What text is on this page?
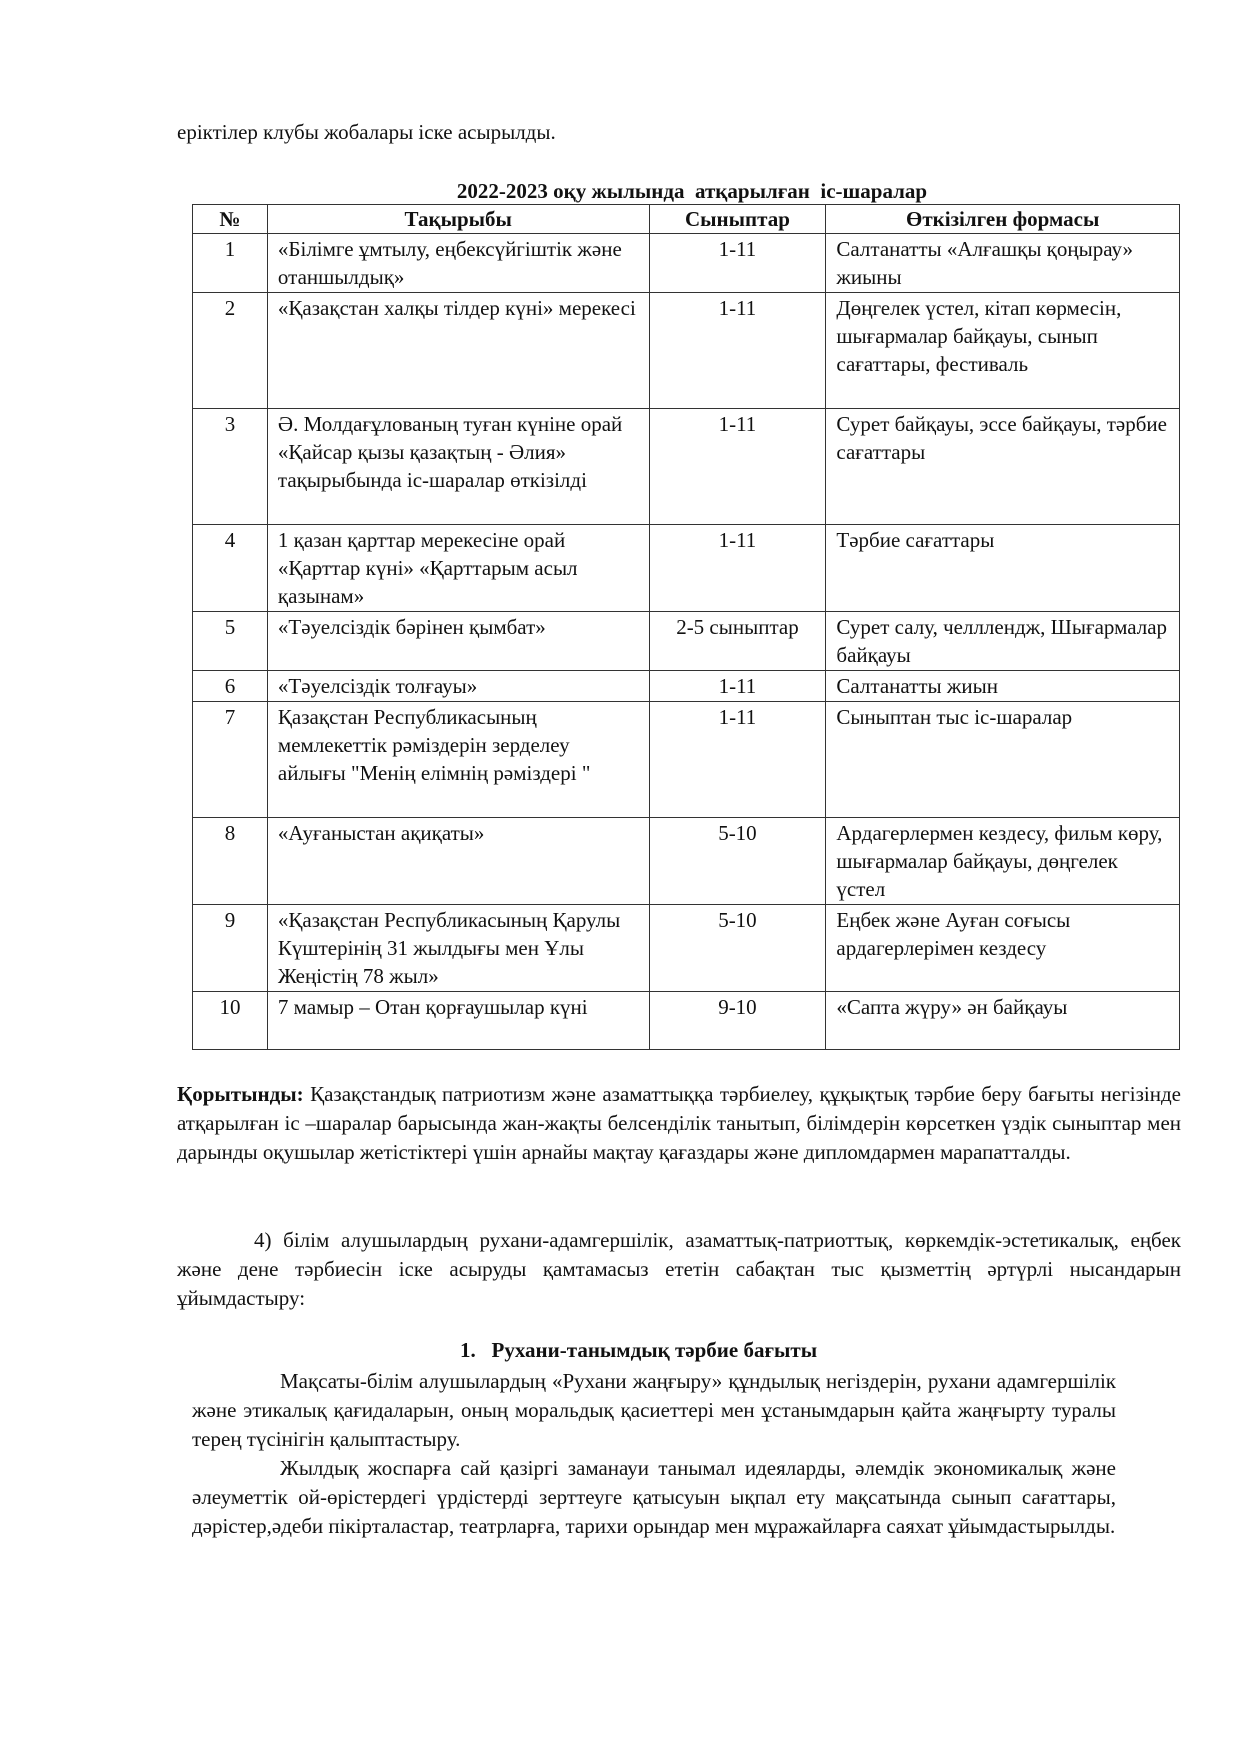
еріктілер клубы жобалары іске асырылды.

2022-2023 оқу жылында  атқарылған  іс-шаралар
№	Тақырыбы	Сыныптар	Өткізілген формасы
1	«Білімге ұмтылу, еңбексүйгіштік және отаншылдық»	1-11	Салтанатты «Алғашқы қоңырау» жиыны
2	«Қазақстан халқы тілдер күні» мерекесі	1-11	Дөңгелек үстел, кітап көрмесін, шығармалар байқауы, сынып сағаттары, фестиваль
3	Ә. Молдағұлованың туған күніне орай «Қайсар қызы қазақтың - Әлия» тақырыбында іс-шаралар өткізілді	1-11	Сурет байқауы, эссе байқауы, тәрбие сағаттары
4	1 қазан қарттар мерекесіне орай «Қарттар күні» «Қарттарым асыл қазынам»	1-11	Тәрбие сағаттары
5	«Тәуелсіздік бәрінен қымбат»	2-5 сыныптар	Сурет салу, челллендж, Шығармалар байқауы
6	«Тәуелсіздік толғауы»	1-11	Салтанатты жиын
7	Қазақстан Республикасының мемлекеттік рәміздерін зерделеу айлығы "Менің елімнің рәміздері "	1-11	Сыныптан тыс іс-шаралар
8	«Ауғаныстан ақиқаты»	5-10	Ардагерлермен кездесу, фильм көру, шығармалар байқауы, дөңгелек үстел
9	«Қазақстан Республикасының Қарулы Күштерінің 31 жылдығы мен Ұлы Жеңістің 78 жыл»	5-10	Еңбек және Ауған соғысы ардагерлерімен кездесу
10	7 мамыр – Отан қорғаушылар күні	9-10	«Сапта жүру» ән байқауы

Қорытынды: Қазақстандық патриотизм және азаматтыққа тәрбиелеу, құқықтық тәрбие беру бағыты негізінде атқарылған іс –шаралар барысында жан-жақты белсенділік танытып, білімдерін көрсеткен үздік сыныптар мен дарынды оқушылар жетістіктері үшін арнайы мақтау қағаздары және дипломдармен марапатталды.

4) білім алушылардың рухани-адамгершілік, азаматтық-патриоттық, көркемдік-эстетикалық, еңбек және дене тәрбиесін іске асыруды қамтамасыз ететін сабақтан тыс қызметтің әртүрлі нысандарын ұйымдастыру:

1.   Рухани-танымдық тәрбие бағыты

Мақсаты-білім алушылардың «Рухани жаңғыру» құндылық негіздерін, рухани адамгершілік және этикалық қағидаларын, оның моральдық қасиеттері мен ұстанымдарын қайта жаңғырту туралы терең түсінігін қалыптастыру.

Жылдық жоспарға сай қазіргі заманауи танымал идеяларды, әлемдік экономикалық және әлеуметтік ой-өрістердегі үрдістерді зерттеуге қатысуын ықпал ету мақсатында сынып сағаттары, дәрістер,әдеби пікірталастар, театрларға, тарихи орындар мен мұражайларға саяхат ұйымдастырылды.
